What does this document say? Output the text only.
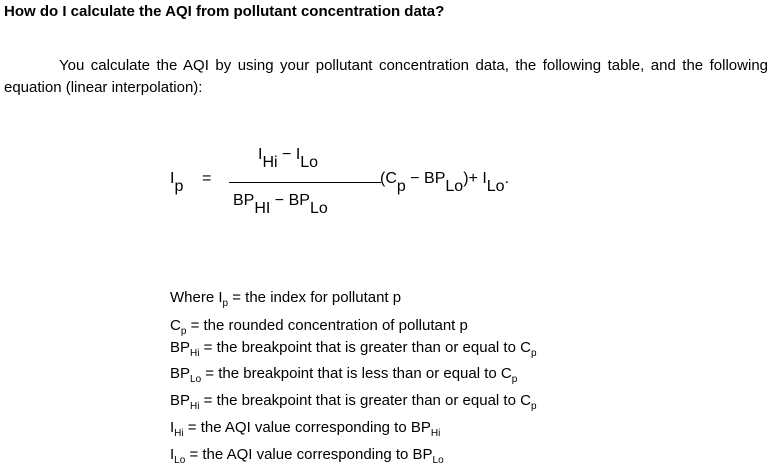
How do I calculate the AQI from pollutant concentration data?
You calculate the AQI by using your pollutant concentration data, the following table, and the following equation (linear interpolation):
Ip =
IHi − ILo
BPHI − BPLo
(Cp − BPLo)+ ILo.
Where $I_p$ = the index for pollutant p
$C_p$ = the rounded concentration of pollutant p
$BP_{Hi}$ = the breakpoint that is greater than or equal to $C_p$
$BP_{Lo}$ = the breakpoint that is less than or equal to $C_p$
$BP_{Hi}$ = the breakpoint that is greater than or equal to $C_p$
$I_{Hi}$ = the AQI value corresponding to $BP_{Hi}$
$I_{Lo}$ = the AQI value corresponding to $BP_{Lo}$
